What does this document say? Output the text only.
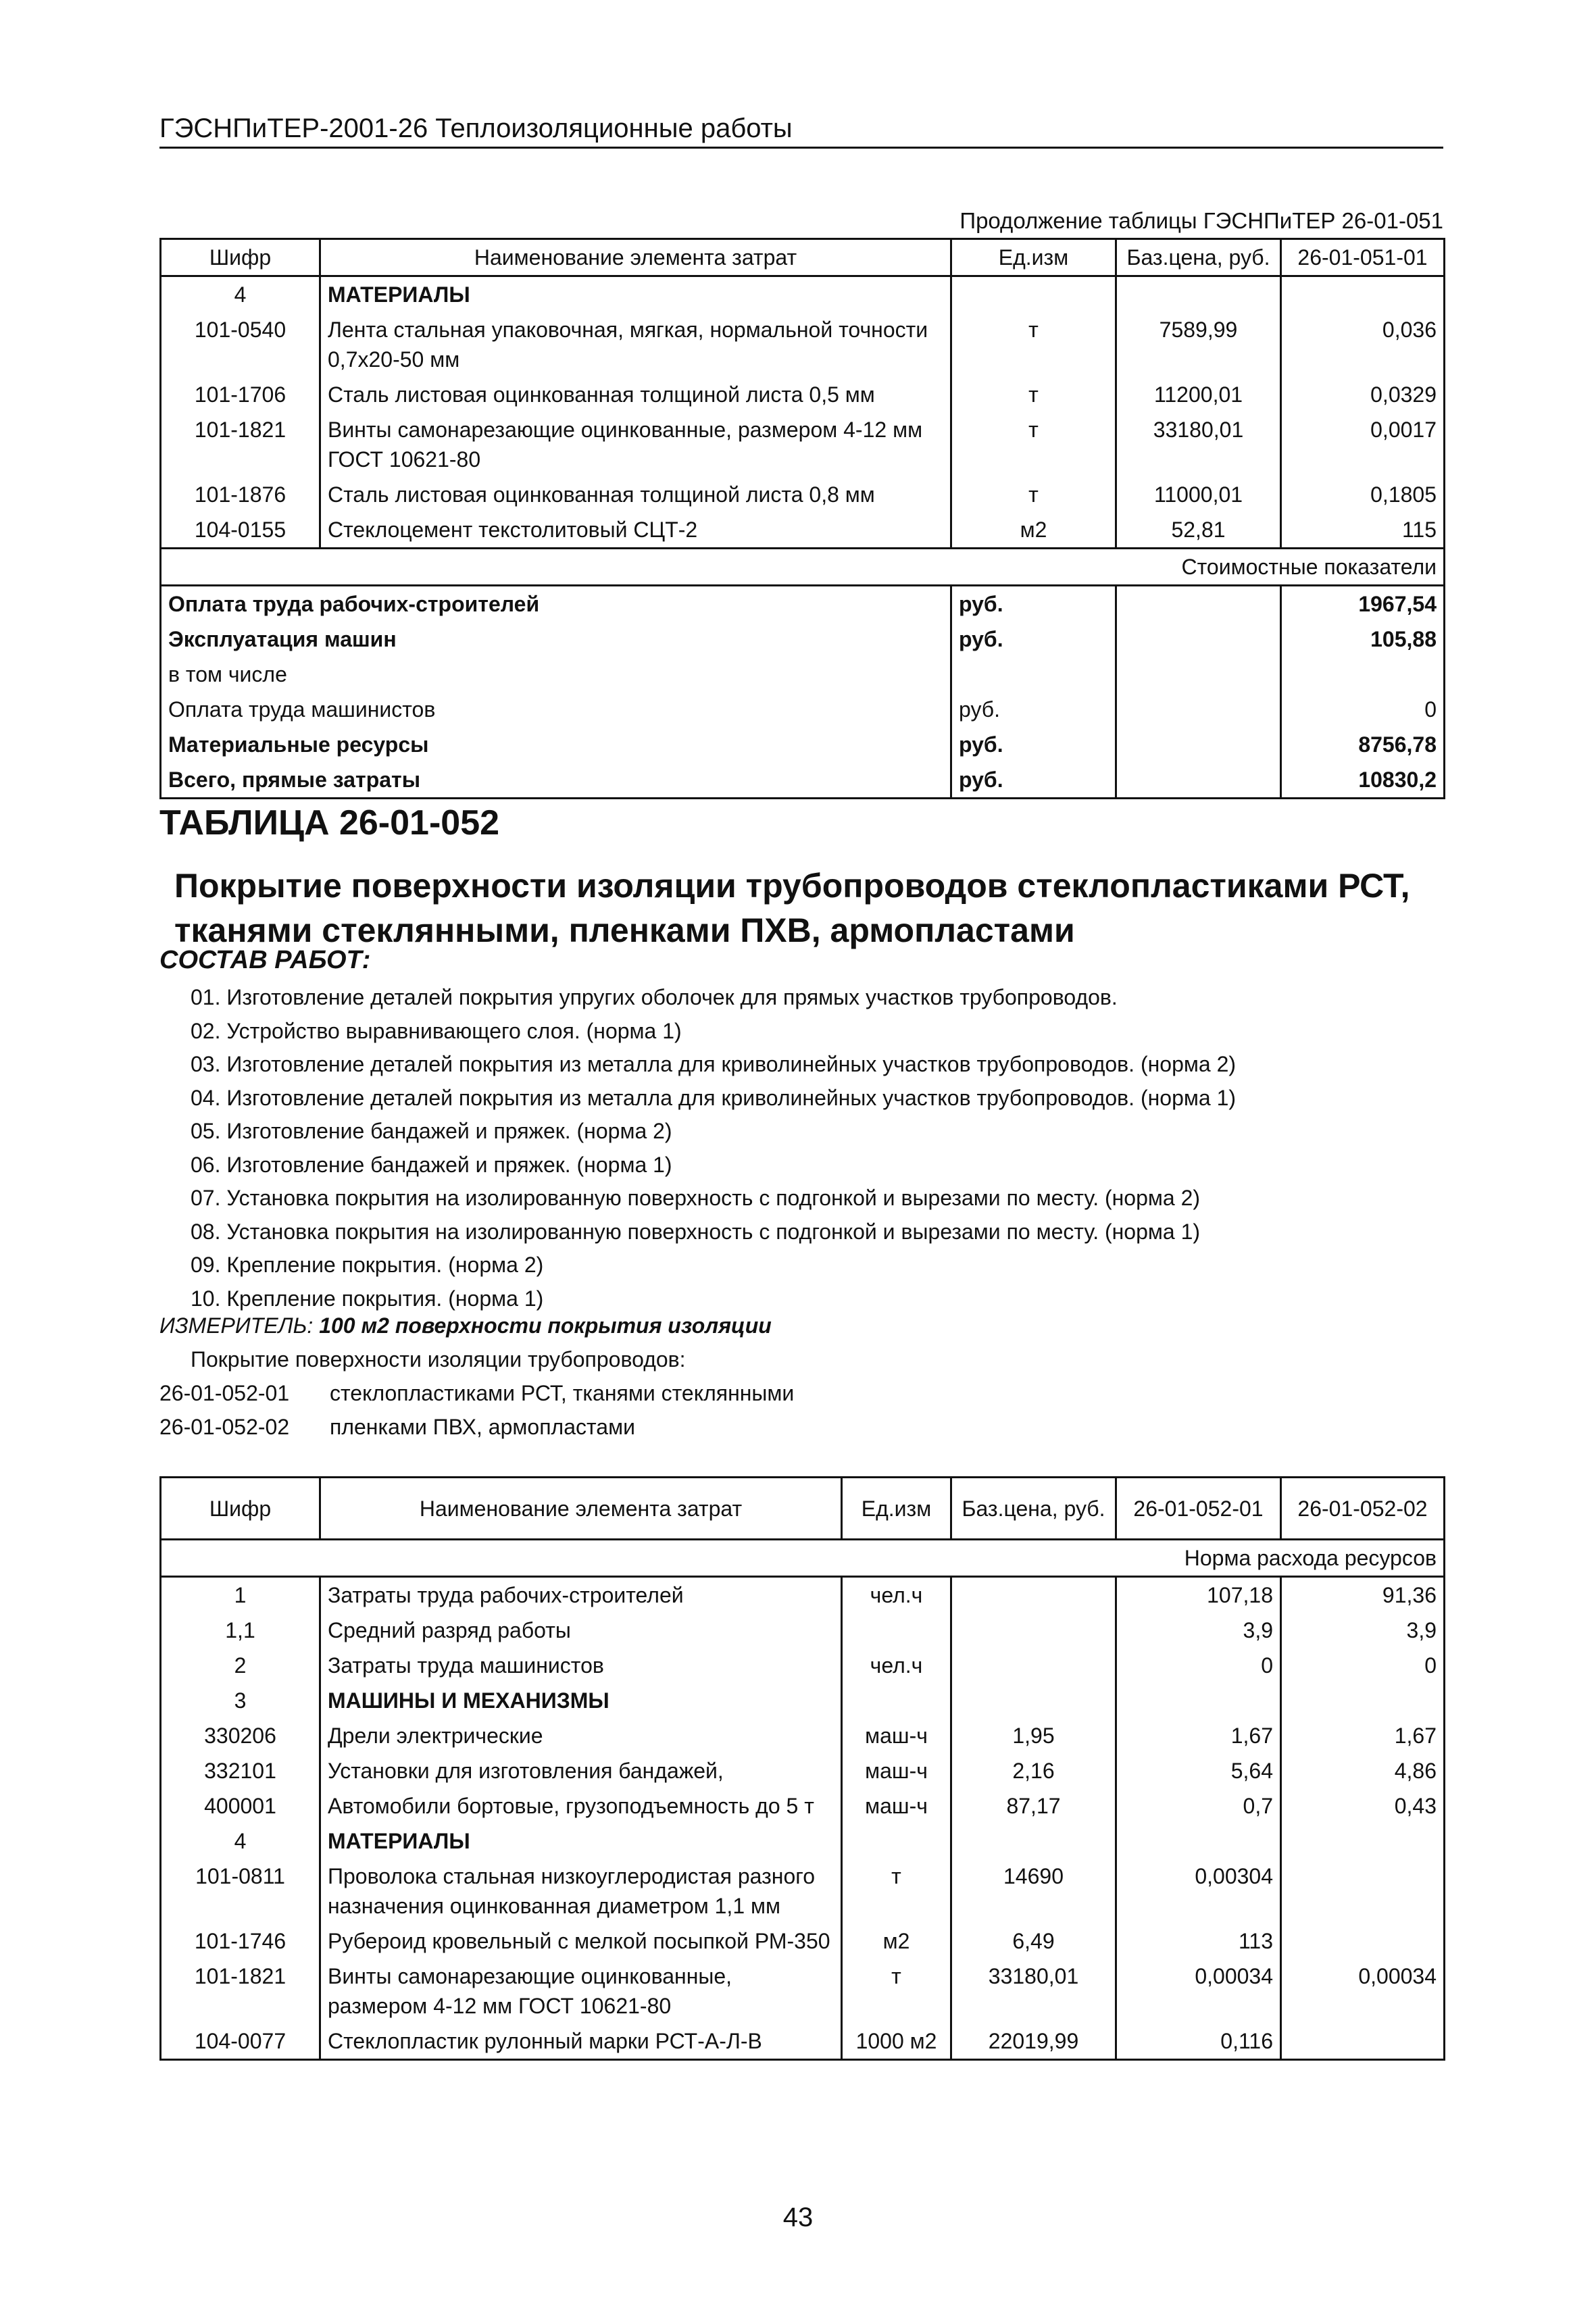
ГЭСНПиТЕР-2001-26 Теплоизоляционные работы
Продолжение таблицы ГЭСНПиТЕР 26-01-051
Шифр	Наименование элемента затрат	Ед.изм	Баз.цена, руб.	26-01-051-01
4	МАТЕРИАЛЫ			
101-0540	Лента стальная упаковочная, мягкая, нормальной точности 0,7х20-50 мм	т	7589,99	0,036
101-1706	Сталь листовая оцинкованная толщиной листа 0,5 мм	т	11200,01	0,0329
101-1821	Винты самонарезающие оцинкованные, размером 4-12 мм ГОСТ 10621-80	т	33180,01	0,0017
101-1876	Сталь листовая оцинкованная толщиной листа 0,8 мм	т	11000,01	0,1805
104-0155	Стеклоцемент текстолитовый СЦТ-2	м2	52,81	115
Стоимостные показатели				
Оплата труда рабочих-строителей		руб.		1967,54
Эксплуатация машин		руб.		105,88
в том числе				
Оплата труда машинистов		руб.		0
Материальные ресурсы		руб.		8756,78
Всего, прямые затраты		руб.		10830,2
ТАБЛИЦА 26-01-052
Покрытие поверхности изоляции трубопроводов стеклопластиками РСТ, тканями стеклянными, пленками ПХВ, армопластами
СОСТАВ РАБОТ:
01. Изготовление деталей покрытия упругих оболочек для прямых участков трубопроводов.
02. Устройство выравнивающего слоя. (норма 1)
03. Изготовление деталей покрытия из металла для криволинейных участков трубопроводов. (норма 2)
04. Изготовление деталей покрытия из металла для криволинейных участков трубопроводов. (норма 1)
05. Изготовление бандажей и пряжек. (норма 2)
06. Изготовление бандажей и пряжек. (норма 1)
07. Установка покрытия на изолированную поверхность с подгонкой и вырезами по месту. (норма 2)
08. Установка покрытия на изолированную поверхность с подгонкой и вырезами по месту. (норма 1)
09. Крепление покрытия. (норма 2)
10. Крепление покрытия. (норма 1)
ИЗМЕРИТЕЛЬ: 100 м2 поверхности покрытия изоляции
Покрытие поверхности изоляции трубопроводов:
26-01-052-01 стеклопластиками РСТ, тканями стеклянными
26-01-052-02 пленками ПВХ, армопластами
Шифр	Наименование элемента затрат	Ед.изм	Баз.цена, руб.	26-01-052-01	26-01-052-02
Норма расхода ресурсов					
1	Затраты труда рабочих-строителей	чел.ч		107,18	91,36
1,1	Средний разряд работы			3,9	3,9
2	Затраты труда машинистов	чел.ч		0	0
3	МАШИНЫ И МЕХАНИЗМЫ				
330206	Дрели электрические	маш-ч	1,95	1,67	1,67
332101	Установки для изготовления бандажей,	маш-ч	2,16	5,64	4,86
400001	Автомобили бортовые, грузоподъемность до 5 т	маш-ч	87,17	0,7	0,43
4	МАТЕРИАЛЫ				
101-0811	Проволока стальная низкоуглеродистая разного назначения оцинкованная диаметром 1,1 мм	т	14690	0,00304	
101-1746	Рубероид кровельный с мелкой посыпкой РМ-350	м2	6,49	113	
101-1821	Винты самонарезающие оцинкованные, размером 4-12 мм ГОСТ 10621-80	т	33180,01	0,00034	0,00034
104-0077	Стеклопластик рулонный марки РСТ-А-Л-В	1000 м2	22019,99	0,116	
43
